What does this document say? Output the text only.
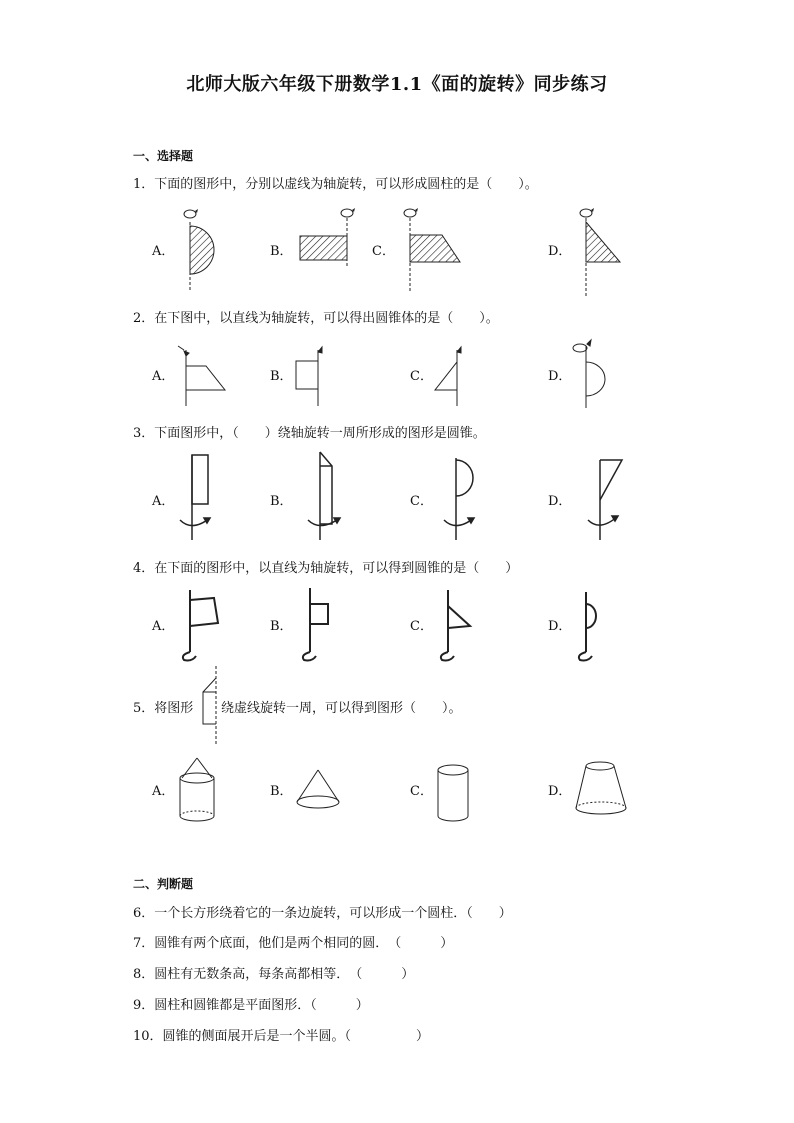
北师大版六年级下册数学1.1《面的旋转》同步练习
一、选择题
1．下面的图形中，分别以虚线为轴旋转，可以形成圆柱的是（　　）。
A．	B．	C．	D．
2．在下图中，以直线为轴旋转，可以得出圆锥体的是（　　）。
A．	B．	C．	D．
3．下面图形中，（　　）绕轴旋转一周所形成的图形是圆锥。
A．	B．	C．	D．
4．在下面的图形中，以直线为轴旋转，可以得到圆锥的是（　　）
A．	B．	C．	D．
5．将图形 绕虚线旋转一周，可以得到图形（　　）。
A．	B．	C．	D．
二、判断题
6．一个长方形绕着它的一条边旋转，可以形成一个圆柱．（　　）
7．圆锥有两个底面，他们是两个相同的圆．　（　　　）
8．圆柱有无数条高，每条高都相等．　（　　　）
9．圆柱和圆锥都是平面图形．（　　　）
10．圆锥的侧面展开后是一个半圆。（　　　　　）
